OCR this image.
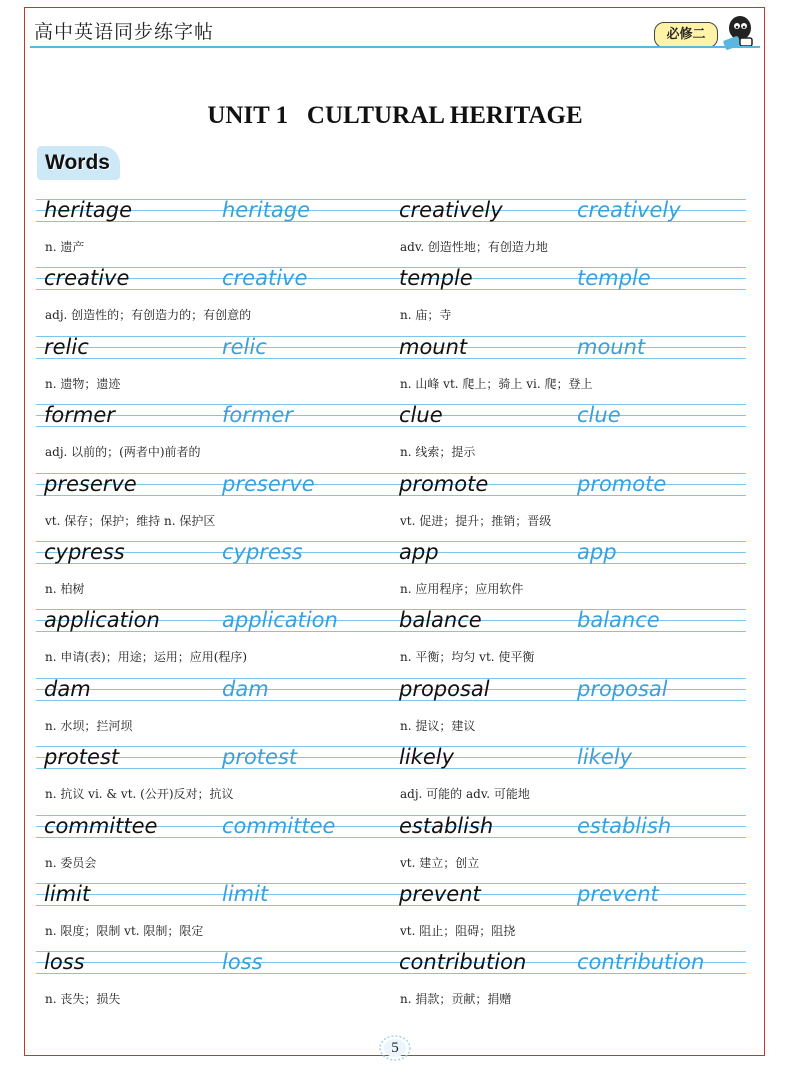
高中英语同步练字帖	必修二
UNIT 1   CULTURAL HERITAGE
Words
heritage	heritage
n. 遗产
creatively	creatively
adv. 创造性地；有创造力地
creative	creative
adj. 创造性的；有创造力的；有创意的
temple	temple
n. 庙；寺
relic	relic
n. 遗物；遗迹
mount	mount
n. 山峰 vt. 爬上；骑上 vi. 爬；登上
former	former
adj. 以前的；(两者中)前者的
clue	clue
n. 线索；提示
preserve	preserve
vt. 保存；保护；维持 n. 保护区
promote	promote
vt. 促进；提升；推销；晋级
cypress	cypress
n. 柏树
app	app
n. 应用程序；应用软件
application	application
n. 申请(表)；用途；运用；应用(程序)
balance	balance
n. 平衡；均匀 vt. 使平衡
dam	dam
n. 水坝；拦河坝
proposal	proposal
n. 提议；建议
protest	protest
n. 抗议 vi. & vt. (公开)反对；抗议
likely	likely
adj. 可能的 adv. 可能地
committee	committee
n. 委员会
establish	establish
vt. 建立；创立
limit	limit
n. 限度；限制 vt. 限制；限定
prevent	prevent
vt. 阻止；阻碍；阻挠
loss	loss
n. 丧失；损失
contribution contribution
n. 捐款；贡献；捐赠
5
